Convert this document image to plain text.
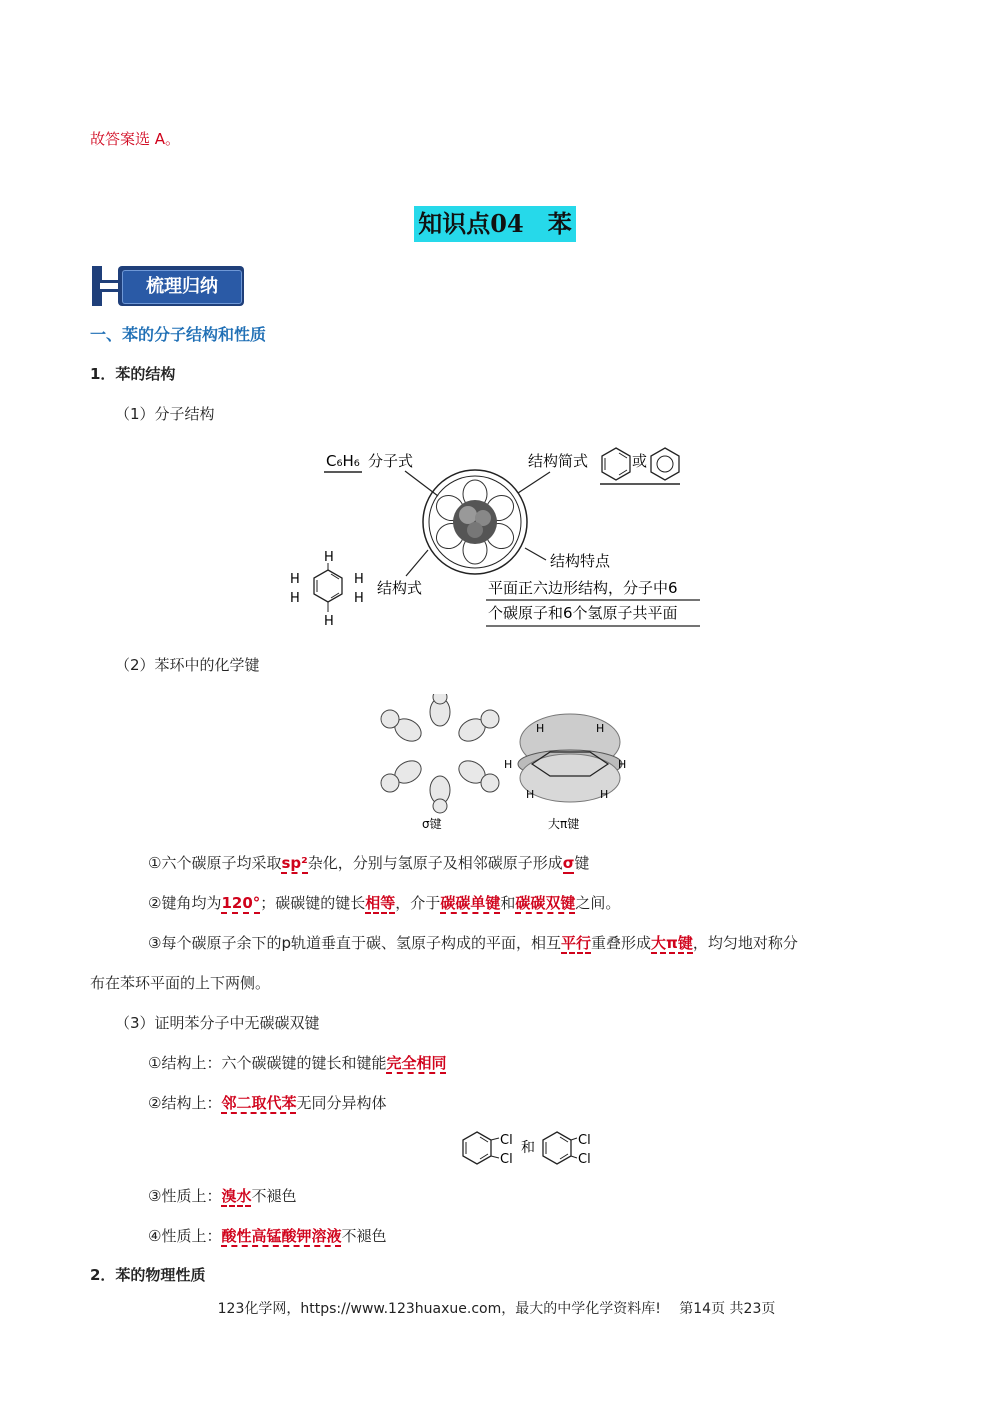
故答案选 A。
知识点04　苯
梳理归纳
一、苯的分子结构和性质
1．苯的结构
（1）分子结构
C₆H₆ 分子式	结构简式	或
结构特点
结构式	平面正六边形结构，分子中6
个碳原子和6个氢原子共平面
H
H
H
H
H
H
（2）苯环中的化学键
σ键
H	H
H	H
H	H
大π键
①六个碳原子均采取sp²杂化，分别与氢原子及相邻碳原子形成σ键
②键角均为120°；碳碳键的键长相等，介于碳碳单键和碳碳双键之间。
③每个碳原子余下的p轨道垂直于碳、氢原子构成的平面，相互平行重叠形成大π键，均匀地对称分
布在苯环平面的上下两侧。
（3）证明苯分子中无碳碳双键
①结构上：六个碳碳键的键长和键能完全相同
②结构上：邻二取代苯无同分异构体
Cl
Cl
和	Cl
Cl
③性质上：溴水不褪色
④性质上：酸性高锰酸钾溶液不褪色
2．苯的物理性质
123化学网，https://www.123huaxue.com，最大的中学化学资料库!　 第14页 共23页
